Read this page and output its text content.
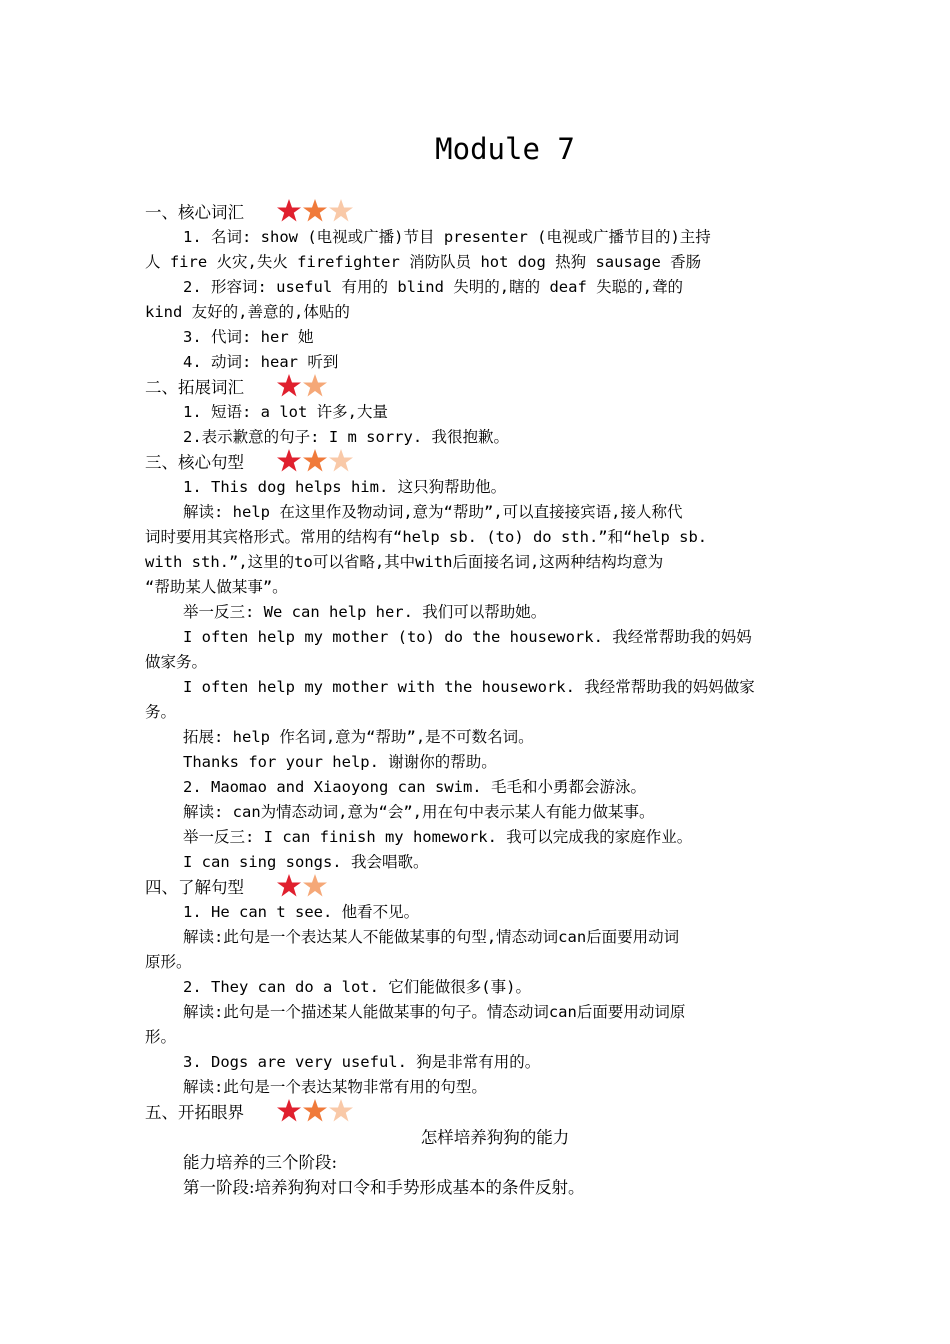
Module 7
一、核心词汇
1. 名词: show (电视或广播)节目 presenter (电视或广播节目的)主持
人 fire 火灾,失火 firefighter 消防队员 hot dog 热狗 sausage 香肠
2. 形容词: useful 有用的 blind 失明的,瞎的 deaf 失聪的,聋的
kind 友好的,善意的,体贴的
3. 代词: her 她
4. 动词: hear 听到
二、拓展词汇
1. 短语: a lot 许多,大量
2.表示歉意的句子: I m sorry. 我很抱歉。
三、核心句型
1. This dog helps him. 这只狗帮助他。
解读: help 在这里作及物动词,意为“帮助”,可以直接接宾语,接人称代
词时要用其宾格形式。常用的结构有“help sb. (to) do sth.”和“help sb.
with sth.”,这里的to可以省略,其中with后面接名词,这两种结构均意为
“帮助某人做某事”。
举一反三: We can help her. 我们可以帮助她。
I often help my mother (to) do the housework. 我经常帮助我的妈妈
做家务。
I often help my mother with the housework. 我经常帮助我的妈妈做家
务。
拓展: help 作名词,意为“帮助”,是不可数名词。
Thanks for your help. 谢谢你的帮助。
2. Maomao and Xiaoyong can swim. 毛毛和小勇都会游泳。
解读: can为情态动词,意为“会”,用在句中表示某人有能力做某事。
举一反三: I can finish my homework. 我可以完成我的家庭作业。
I can sing songs. 我会唱歌。
四、了解句型
1. He can t see. 他看不见。
解读:此句是一个表达某人不能做某事的句型,情态动词can后面要用动词
原形。
2. They can do a lot. 它们能做很多(事)。
解读:此句是一个描述某人能做某事的句子。情态动词can后面要用动词原
形。
3. Dogs are very useful. 狗是非常有用的。
解读:此句是一个表达某物非常有用的句型。
五、开拓眼界
怎样培养狗狗的能力
能力培养的三个阶段:
第一阶段:培养狗狗对口令和手势形成基本的条件反射。
